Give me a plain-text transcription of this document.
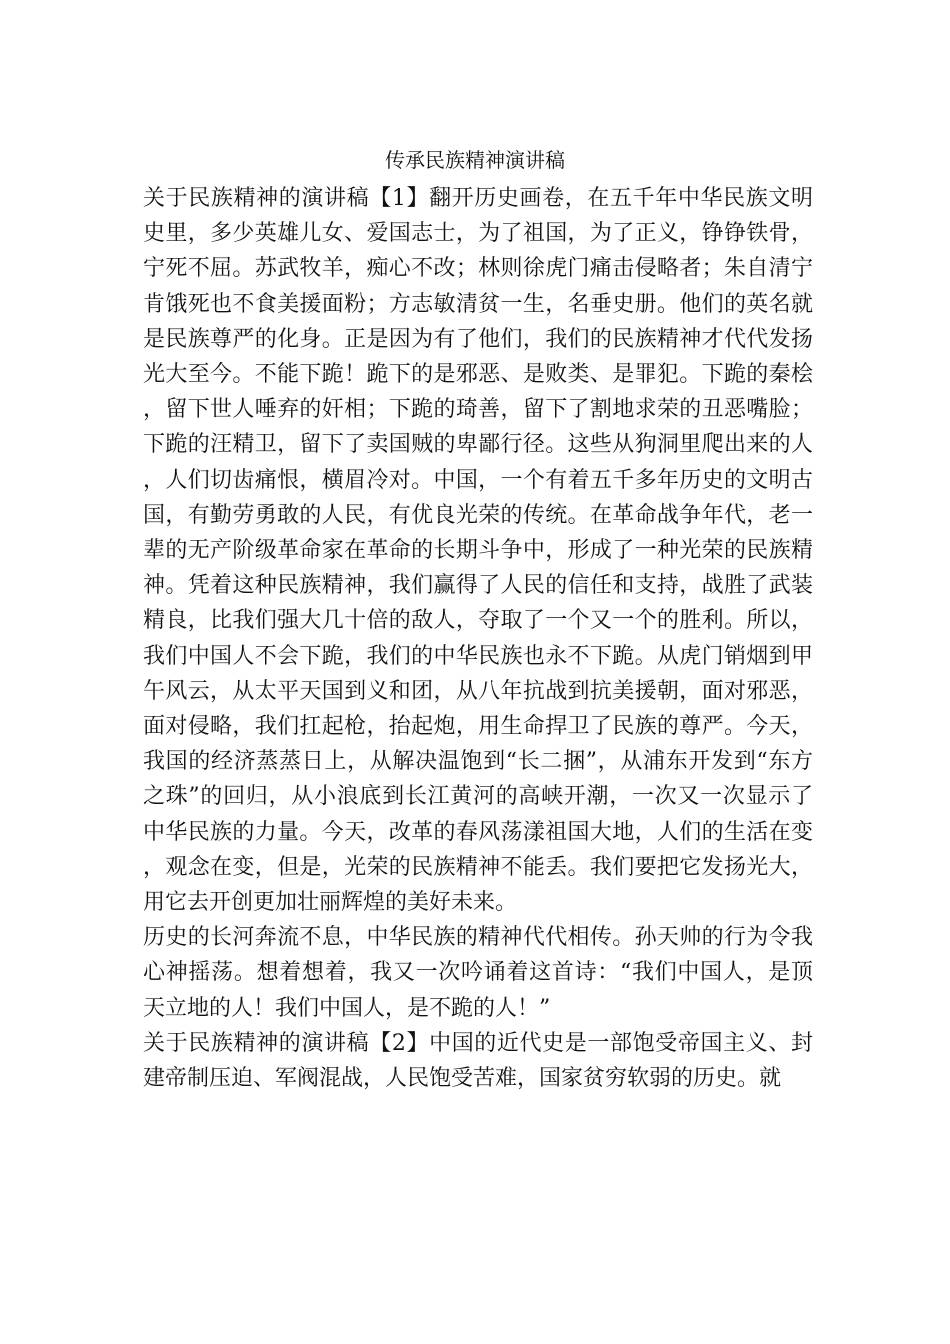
传承民族精神演讲稿

关于民族精神的演讲稿【1】翻开历史画卷，在五千年中华民族文明史里，多少英雄儿女、爱国志士，为了祖国，为了正义，铮铮铁骨，宁死不屈。苏武牧羊，痴心不改；林则徐虎门痛击侵略者；朱自清宁肯饿死也不食美援面粉；方志敏清贫一生，名垂史册。他们的英名就是民族尊严的化身。正是因为有了他们，我们的民族精神才代代发扬光大至今。不能下跪！跪下的是邪恶、是败类、是罪犯。下跪的秦桧，留下世人唾弃的奸相；下跪的琦善，留下了割地求荣的丑恶嘴脸；下跪的汪精卫，留下了卖国贼的卑鄙行径。这些从狗洞里爬出来的人，人们切齿痛恨，横眉冷对。中国，一个有着五千多年历史的文明古国，有勤劳勇敢的人民，有优良光荣的传统。在革命战争年代，老一辈的无产阶级革命家在革命的长期斗争中，形成了一种光荣的民族精神。凭着这种民族精神，我们赢得了人民的信任和支持，战胜了武装精良，比我们强大几十倍的敌人，夺取了一个又一个的胜利。所以，我们中国人不会下跪，我们的中华民族也永不下跪。从虎门销烟到甲午风云，从太平天国到义和团，从八年抗战到抗美援朝，面对邪恶，面对侵略，我们扛起枪，抬起炮，用生命捍卫了民族的尊严。今天，我国的经济蒸蒸日上，从解决温饱到“长二捆”，从浦东开发到“东方之珠”的回归，从小浪底到长江黄河的高峡开潮，一次又一次显示了中华民族的力量。今天，改革的春风荡漾祖国大地，人们的生活在变，观念在变，但是，光荣的民族精神不能丢。我们要把它发扬光大，用它去开创更加壮丽辉煌的美好未来。

历史的长河奔流不息，中华民族的精神代代相传。孙天帅的行为令我心神摇荡。想着想着，我又一次吟诵着这首诗：“我们中国人，是顶天立地的人！我们中国人，是不跪的人！”

关于民族精神的演讲稿【2】中国的近代史是一部饱受帝国主义、封建帝制压迫、军阀混战，人民饱受苦难，国家贫穷软弱的历史。就
